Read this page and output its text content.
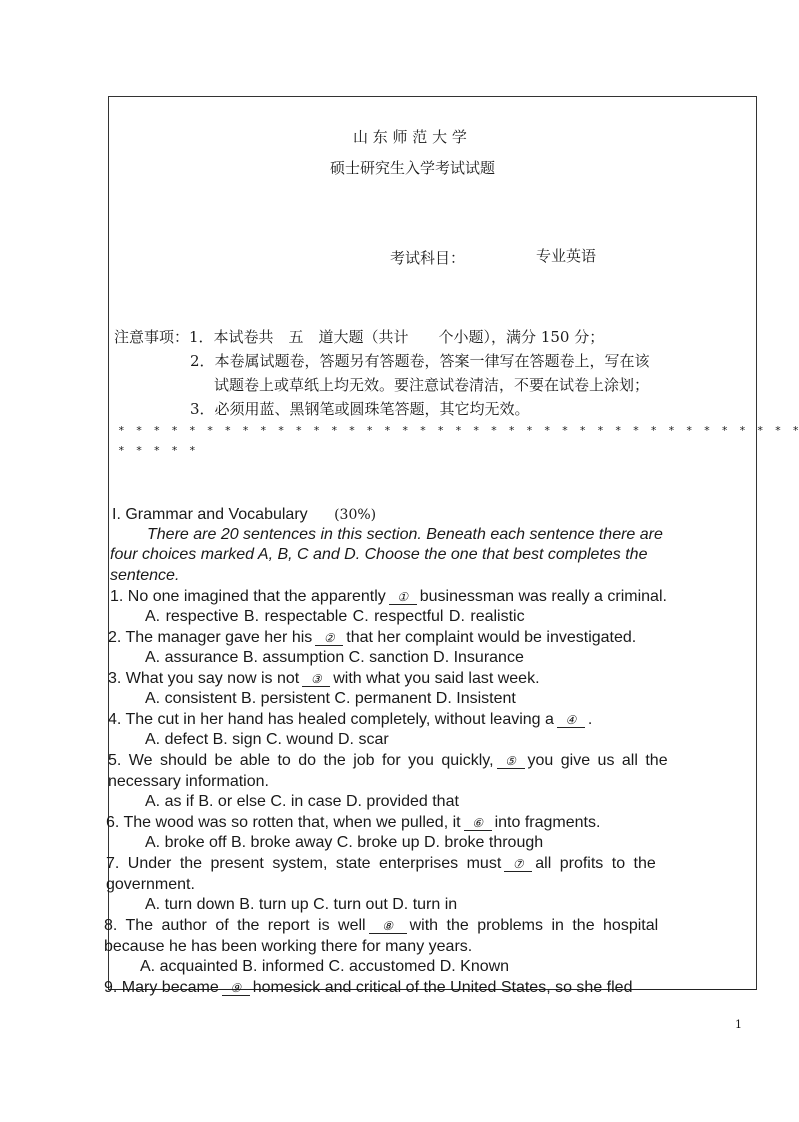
山 东 师 范 大 学
硕士研究生入学考试试题
考试科目：	专业英语
注意事项：1．本试卷共　五　道大题（共计　　个小题），满分 150 分；
2．本卷属试题卷，答题另有答题卷，答案一律写在答题卷上，写在该
试题卷上或草纸上均无效。要注意试卷清洁，不要在试卷上涂划；
3．必须用蓝、黑钢笔或圆珠笔答题，其它均无效。
* * * * * * * * * * * * * * * * * * * * * * * * * * * * * * * * * * * * * * *
* * * * *
I. Grammar and Vocabulary (30%)
There are 20 sentences in this section. Beneath each sentence there are
four choices marked A, B, C and D. Choose the one that best completes the
sentence.
1. No one imagined that the apparently ① businessman was really a criminal.
A. respective B. respectable C. respectful D. realistic
2. The manager gave her his ② that her complaint would be investigated.
A. assurance B. assumption C. sanction D. Insurance
3. What you say now is not ③ with what you said last week.
A. consistent B. persistent C. permanent D. Insistent
4. The cut in her hand has healed completely, without leaving a ④ .
A. defect B. sign C. wound D. scar
5. We should be able to do the job for you quickly, ⑤ you give us all the
necessary information.
A. as if B. or else C. in case D. provided that
6. The wood was so rotten that, when we pulled, it ⑥ into fragments.
A. broke off B. broke away C. broke up D. broke through
7. Under the present system, state enterprises must ⑦ all profits to the
government.
A. turn down B. turn up C. turn out D. turn in
8. The author of the report is well ⑧ with the problems in the hospital
because he has been working there for many years.
A. acquainted B. informed C. accustomed D. Known
9. Mary became ⑨ homesick and critical of the United States, so she fled
1
